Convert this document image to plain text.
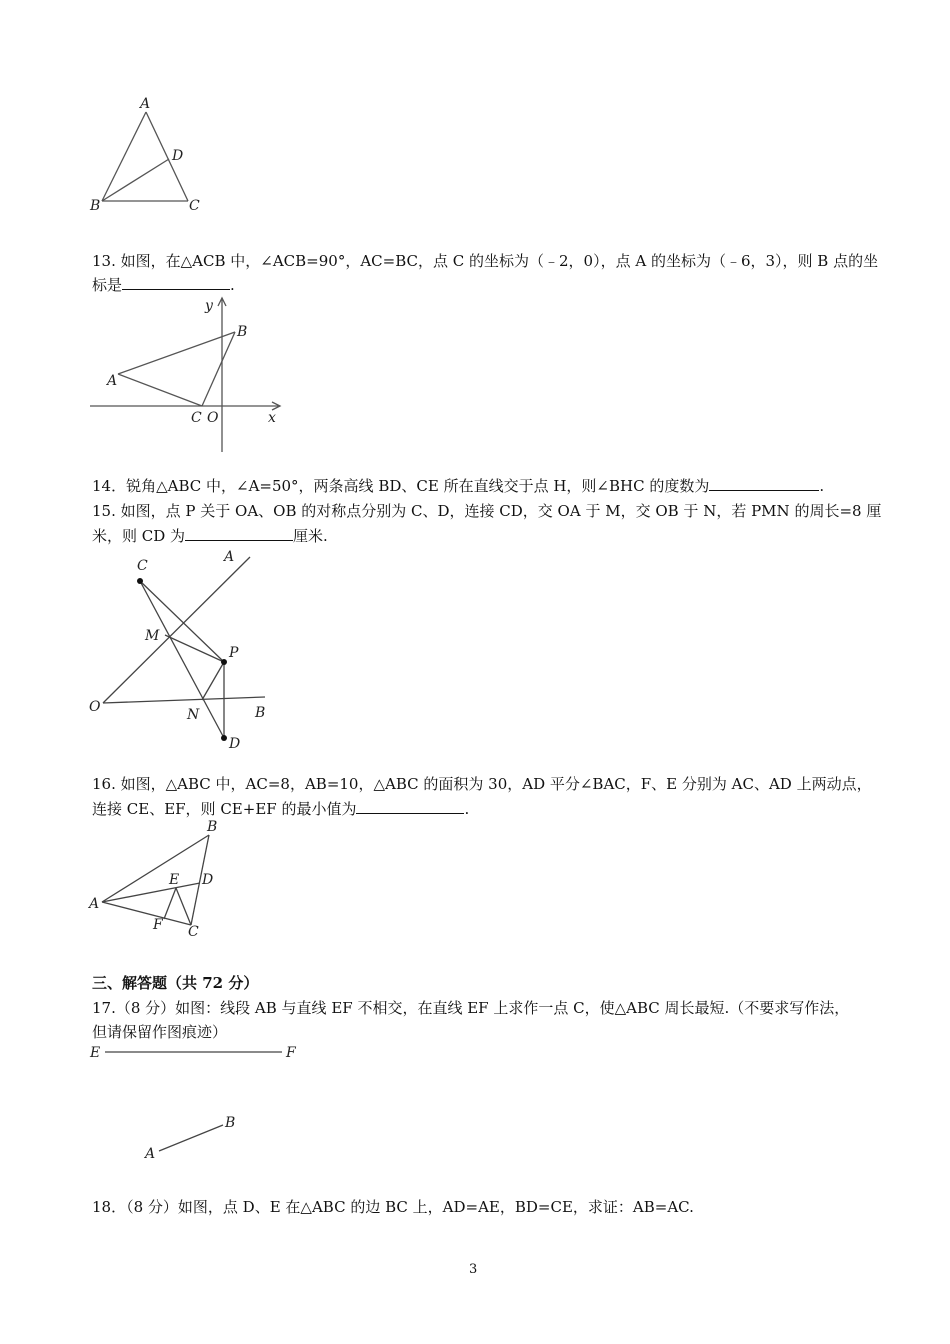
A
D
B	C
13. 如图，在△ACB 中，∠ACB=90°，AC=BC，点 C 的坐标为（﹣2，0），点 A 的坐标为（﹣6，3），则 B 点的坐
标是	.
y
B
A
C O	x
14．锐角△ABC 中，∠A=50°，两条高线 BD、CE 所在直线交于点 H，则∠BHC 的度数为	.
15. 如图，点 P 关于 OA、OB 的对称点分别为 C、D，连接 CD，交 OA 于 M，交 OB 于 N，若 PMN 的周长=8 厘
米，则 CD 为	厘米.
C
A
M
P
O	N	B
D
16. 如图，△ABC 中，AC=8，AB=10，△ABC 的面积为 30，AD 平分∠BAC，F、E 分别为 AC、AD 上两动点，
连接 CE、EF，则 CE+EF 的最小值为	.
B
E D
A
F C
三、解答题（共 72 分）
17.（8 分）如图：线段 AB 与直线 EF 不相交，在直线 EF 上求作一点 C，使△ABC 周长最短.（不要求写作法，
但请保留作图痕迹）
E	F
B
A
18．（8 分）如图，点 D、E 在△ABC 的边 BC 上，AD=AE，BD=CE，求证：AB=AC.
3
